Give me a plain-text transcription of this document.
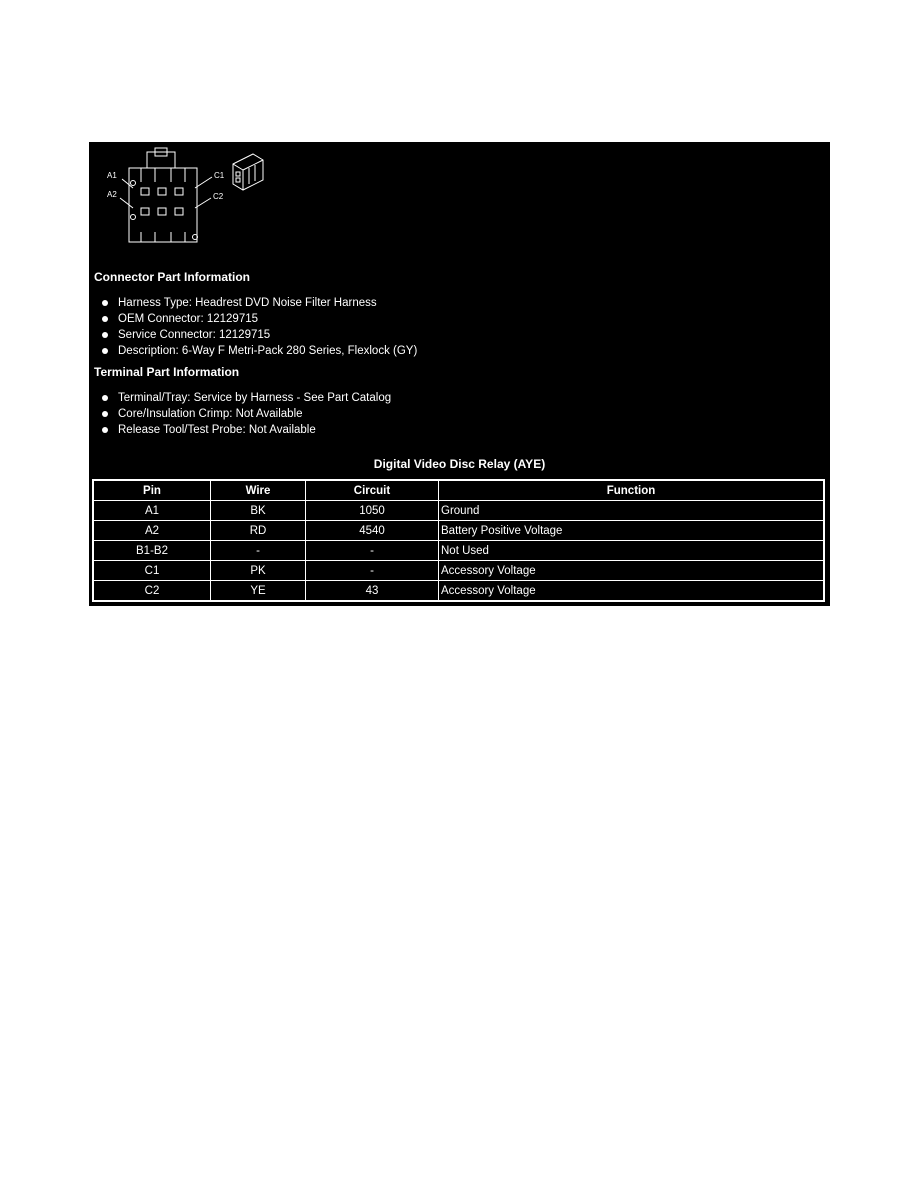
A1
A2
C1
C2
Connector Part Information
Harness Type: Headrest DVD Noise Filter Harness
OEM Connector: 12129715
Service Connector: 12129715
Description: 6-Way F Metri-Pack 280 Series, Flexlock (GY)
Terminal Part Information
Terminal/Tray: Service by Harness - See Part Catalog
Core/Insulation Crimp: Not Available
Release Tool/Test Probe: Not Available
Digital Video Disc Relay (AYE)
Pin	Wire	Circuit	Function
A1	BK	1050	Ground
A2	RD	4540	Battery Positive Voltage
B1-B2	-	-	Not Used
C1	PK	-	Accessory Voltage
C2	YE	43	Accessory Voltage
